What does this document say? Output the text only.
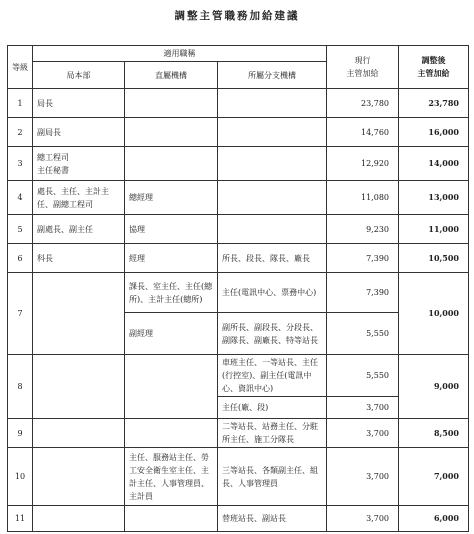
調整主管職務加給建議

等級	適用職稱			現行
主管加給	調整後
主管加給
	局本部	直屬機構	所屬分支機構		
1	局長			23,780	23,780
2	副局長			14,760	16,000
3	總工程司
主任秘書			12,920	14,000
4	處長、主任、主計主任、副總工程司	總經理		11,080	13,000
5	副處長、副主任	協理		9,230	11,000
6	科長	經理	所長、段長、隊長、廠長	7,390	10,500
7		課長、室主任、主任(總所)、主計主任(總所)	主任(電訊中心、票務中心)	7,390	10,000
		副經理	副所長、副段長、分段長、副隊長、副廠長、特等站長	5,550	
8			車班主任、一等站長、主任(行控室)、副主任(電訊中心、資訊中心)	5,550	9,000
			主任(廠、段)	3,700	
9			二等站長、站務主任、分駐所主任、施工分隊長	3,700	8,500
10		主任、服務站主任、勞工安全衛生室主任、主計主任、人事管理員、主計員	三等站長、各類副主任、組長、人事管理員	3,700	7,000
11			替班站長、副站長	3,700	6,000
